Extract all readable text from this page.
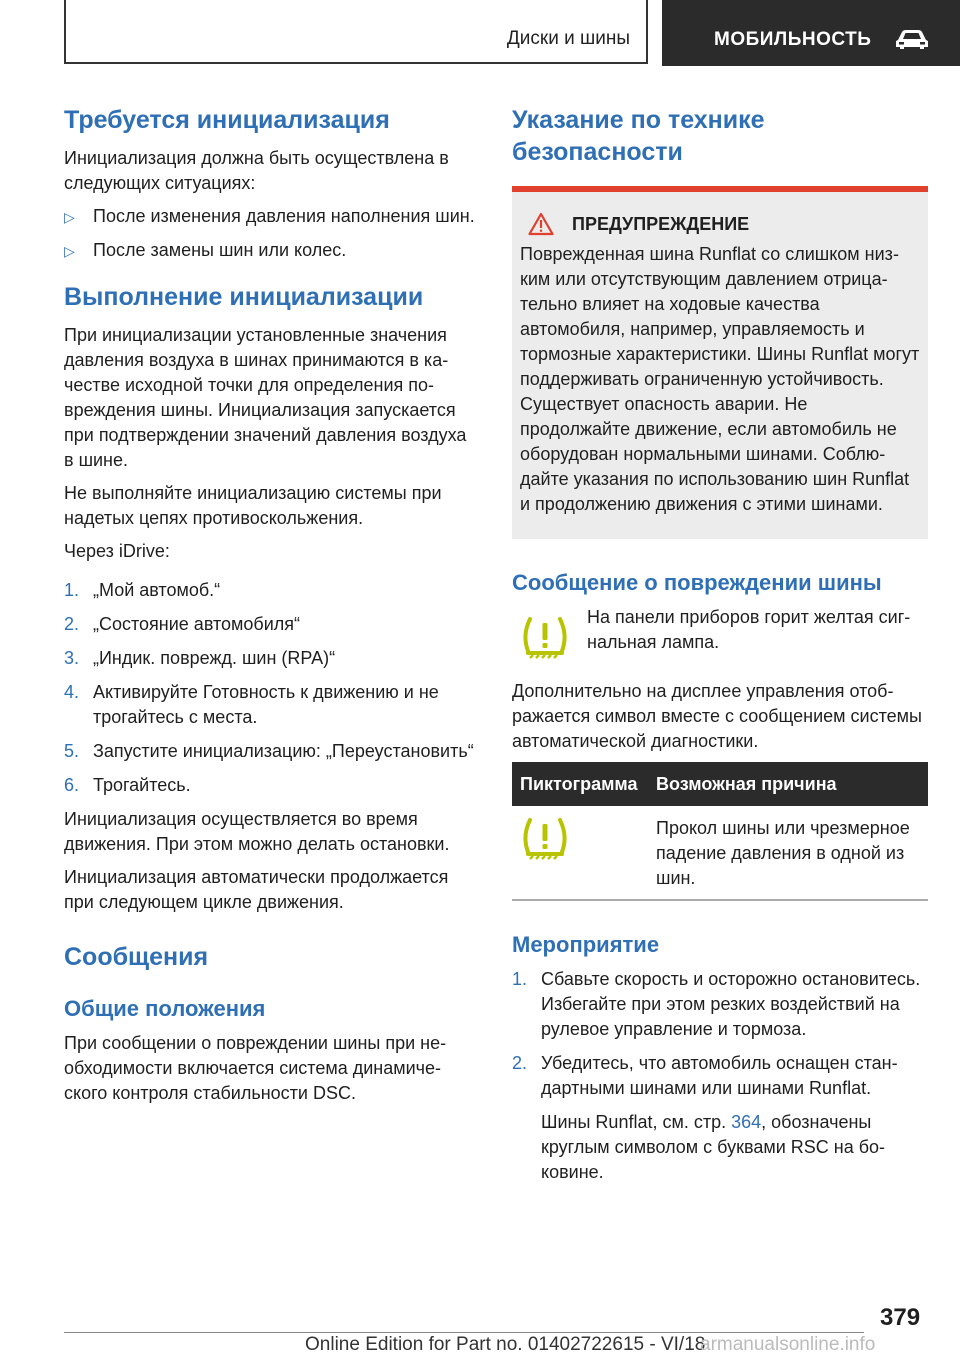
Диски и шины	МОБИЛЬНОСТЬ
Требуется инициализация

Инициализация должна быть осуществлена в следующих ситуациях:

▷ После изменения давления наполнения шин.
▷ После замены шин или колес.
Выполнение инициализации

При инициализации установленные значения давления воздуха в шинах принимаются в качестве исходной точки для определения повреждения шины. Инициализация запускается при подтверждении значений давления воздуха в шине.

Не выполняйте инициализацию системы при надетых цепях противоскольжения.

Через iDrive:

1. „Мой автомоб.“
2. „Состояние автомобиля“
3. „Индик. поврежд. шин (RPA)“
4. Активируйте Готовность к движению и не трогайтесь с места.
5. Запустите инициализацию: „Переустановить“
6. Трогайтесь.

Инициализация осуществляется во время движения. При этом можно делать остановки.

Инициализация автоматически продолжается при следующем цикле движения.

Сообщения
Общие положения

При сообщении о повреждении шины при необходимости включается система динамического контроля стабильности DSC.

Указание по технике безопасности
ПРЕДУПРЕЖДЕНИЕ

Поврежденная шина Runflat со слишком низким или отсутствующим давлением отрицательно влияет на ходовые качества автомобиля, например, управляемость и тормозные характеристики. Шины Runflat могут поддерживать ограниченную устойчивость. Существует опасность аварии. Не продолжайте движение, если автомобиль не оборудован нормальными шинами. Соблюдайте указания по использованию шин Runflat и продолжению движения с этими шинами.

Сообщение о повреждении шины

На панели приборов горит желтая сигнальная лампа.

Дополнительно на дисплее управления отображается символ вместе с сообщением системы автоматической диагностики.

Пиктограмма	Возможная причина
	Прокол шины или чрезмерное падение давления в одной из шин.
Мероприятие
1. Сбавьте скорость и осторожно остановитесь. Избегайте при этом резких воздействий на рулевое управление и тормоза.
2. Убедитесь, что автомобиль оснащен стандартными шинами или шинами Runflat.
Шины Runflat, см. стр. 364, обозначены круглым символом с буквами RSC на боковине.
379
Online Edition for Part no. 01402722615 - VI/18
armanualsonline.info
